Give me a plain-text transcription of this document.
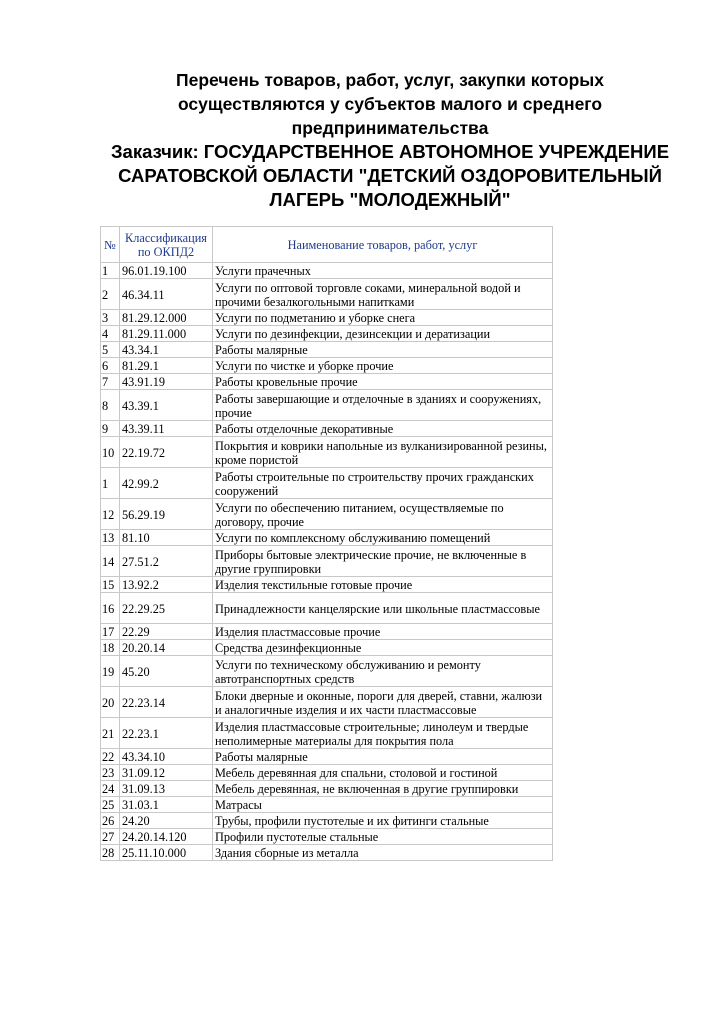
Перечень товаров, работ, услуг, закупки которых
осуществляются у субъектов малого и среднего
предпринимательства
Заказчик: ГОСУДАРСТВЕННОЕ АВТОНОМНОЕ УЧРЕЖДЕНИЕ
САРАТОВСКОЙ ОБЛАСТИ "ДЕТСКИЙ ОЗДОРОВИТЕЛЬНЫЙ
ЛАГЕРЬ "МОЛОДЕЖНЫЙ"
№	Классификация по ОКПД2	Наименование товаров, работ, услуг
1	96.01.19.100	Услуги прачечных
2	46.34.11	Услуги по оптовой торговле соками, минеральной водой и прочими безалкогольными напитками
3	81.29.12.000	Услуги по подметанию и уборке снега
4	81.29.11.000	Услуги по дезинфекции, дезинсекции и дератизации
5	43.34.1	Работы малярные
6	81.29.1	Услуги по чистке и уборке прочие
7	43.91.19	Работы кровельные прочие
8	43.39.1	Работы завершающие и отделочные в зданиях и сооружениях, прочие
9	43.39.11	Работы отделочные декоративные
10	22.19.72	Покрытия и коврики напольные из вулканизированной резины, кроме пористой
1	42.99.2	Работы строительные по строительству прочих гражданских сооружений
12	56.29.19	Услуги по обеспечению питанием, осуществляемые по договору, прочие
13	81.10	Услуги по комплексному обслуживанию помещений
14	27.51.2	Приборы бытовые электрические прочие, не включенные в другие группировки
15	13.92.2	Изделия текстильные готовые прочие
16	22.29.25	Принадлежности канцелярские или школьные пластмассовые
17	22.29	Изделия пластмассовые прочие
18	20.20.14	Средства дезинфекционные
19	45.20	Услуги по техническому обслуживанию и ремонту автотранспортных средств
20	22.23.14	Блоки дверные и оконные, пороги для дверей, ставни, жалюзи и аналогичные изделия и их части пластмассовые
21	22.23.1	Изделия пластмассовые строительные; линолеум и твердые неполимерные материалы для покрытия пола
22	43.34.10	Работы малярные
23	31.09.12	Мебель деревянная для спальни, столовой и гостиной
24	31.09.13	Мебель деревянная, не включенная в другие группировки
25	31.03.1	Матрасы
26	24.20	Трубы, профили пустотелые и их фитинги стальные
27	24.20.14.120	Профили пустотелые стальные
28	25.11.10.000	Здания сборные из металла
